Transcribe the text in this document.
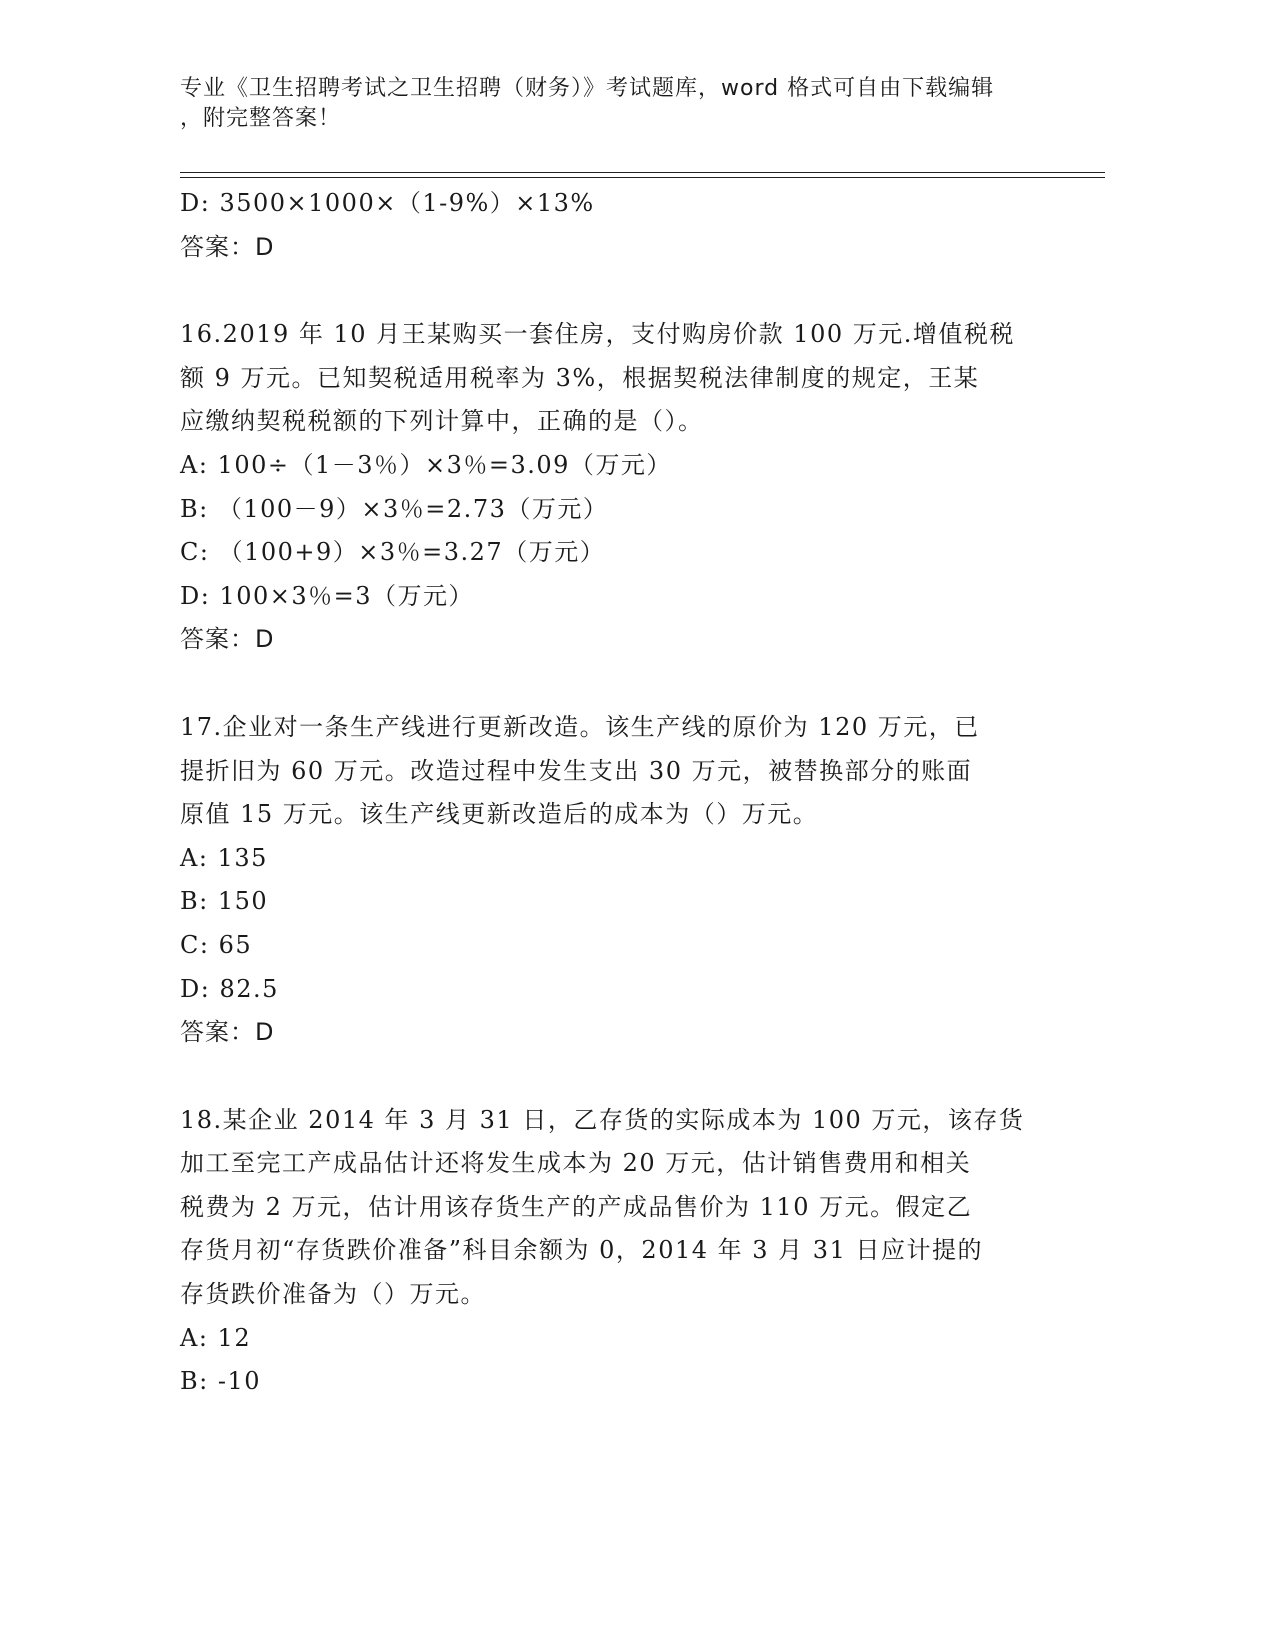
专业《卫生招聘考试之卫生招聘（财务）》考试题库，word 格式可自由下载编辑
，附完整答案！
D: 3500×1000×（1-9%）×13%
答案：D
16.2019 年 10 月王某购买一套住房，支付购房价款 100 万元.增值税税
额 9 万元。已知契税适用税率为 3%，根据契税法律制度的规定，王某
应缴纳契税税额的下列计算中，正确的是（）。
A: 100÷（1－3％）×3％=3.09（万元）
B: （100－9）×3％=2.73（万元）
C: （100+9）×3％=3.27（万元）
D: 100×3％=3（万元）
答案：D
17.企业对一条生产线进行更新改造。该生产线的原价为 120 万元，已
提折旧为 60 万元。改造过程中发生支出 30 万元，被替换部分的账面
原值 15 万元。该生产线更新改造后的成本为（）万元。
A: 135
B: 150
C: 65
D: 82.5
答案：D
18.某企业 2014 年 3 月 31 日，乙存货的实际成本为 100 万元，该存货
加工至完工产成品估计还将发生成本为 20 万元，估计销售费用和相关
税费为 2 万元，估计用该存货生产的产成品售价为 110 万元。假定乙
存货月初“存货跌价准备”科目余额为 0，2014 年 3 月 31 日应计提的
存货跌价准备为（）万元。
A: 12
B: -10
